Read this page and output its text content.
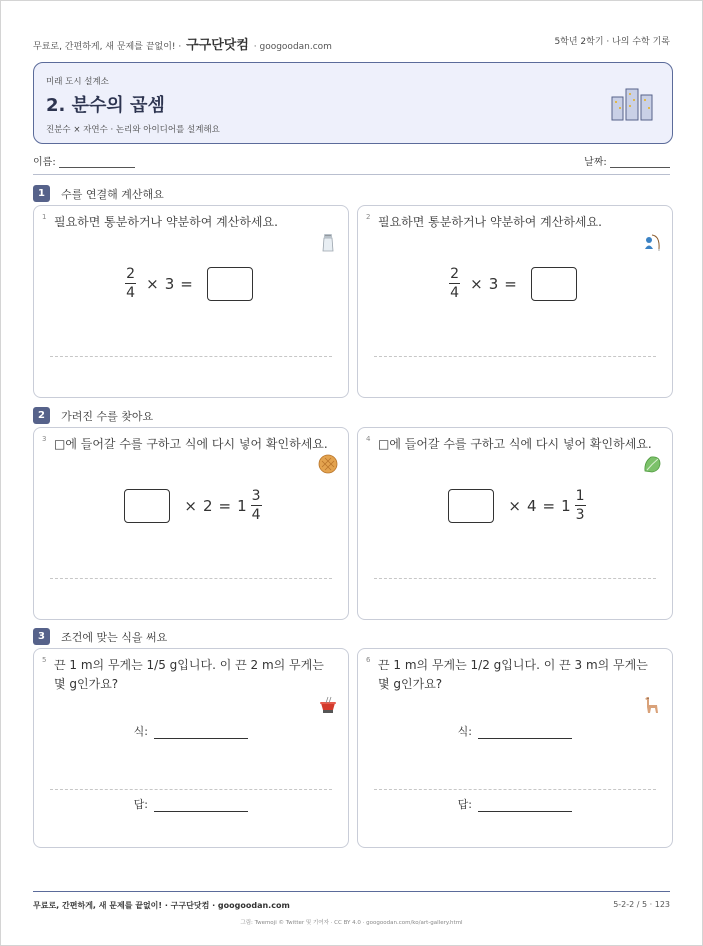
무료로, 간편하게, 새 문제를 끝없이! · 구구단닷컴 · googoodan.com	5학년 2학기 · 나의 수학 기록
미래 도시 설계소
2. 분수의 곱셈
진분수 × 자연수 · 논리와 아이디어를 설계해요
이름:	날짜:
1 수를 연결해 계산해요
1 필요하면 통분하거나 약분하여 계산하세요.
$\frac{2}{4} \times 3$ =
2 필요하면 통분하거나 약분하여 계산하세요.
$\frac{2}{4} \times 3$ =
2 가려진 수를 찾아요
3 □에 들어갈 수를 구하고 식에 다시 넣어 확인하세요.
× $2 = 1 \frac{3}{4}$
4 □에 들어갈 수를 구하고 식에 다시 넣어 확인하세요.
× $4 = 1 \frac{1}{3}$
3 조건에 맞는 식을 써요
5 끈 1 m의 무게는 1/5 g입니다. 이 끈 2 m의 무게는
몇 g인가요?
식:
답:
6 끈 1 m의 무게는 1/2 g입니다. 이 끈 3 m의 무게는
몇 g인가요?
식:
답:
무료로, 간편하게, 새 문제를 끝없이! · 구구단닷컴 · googoodan.com	5-2-2 / 5 · 123
그림: Twemoji © Twitter 및 기여자 · CC BY 4.0 · googoodan.com/ko/art-gallery.html
